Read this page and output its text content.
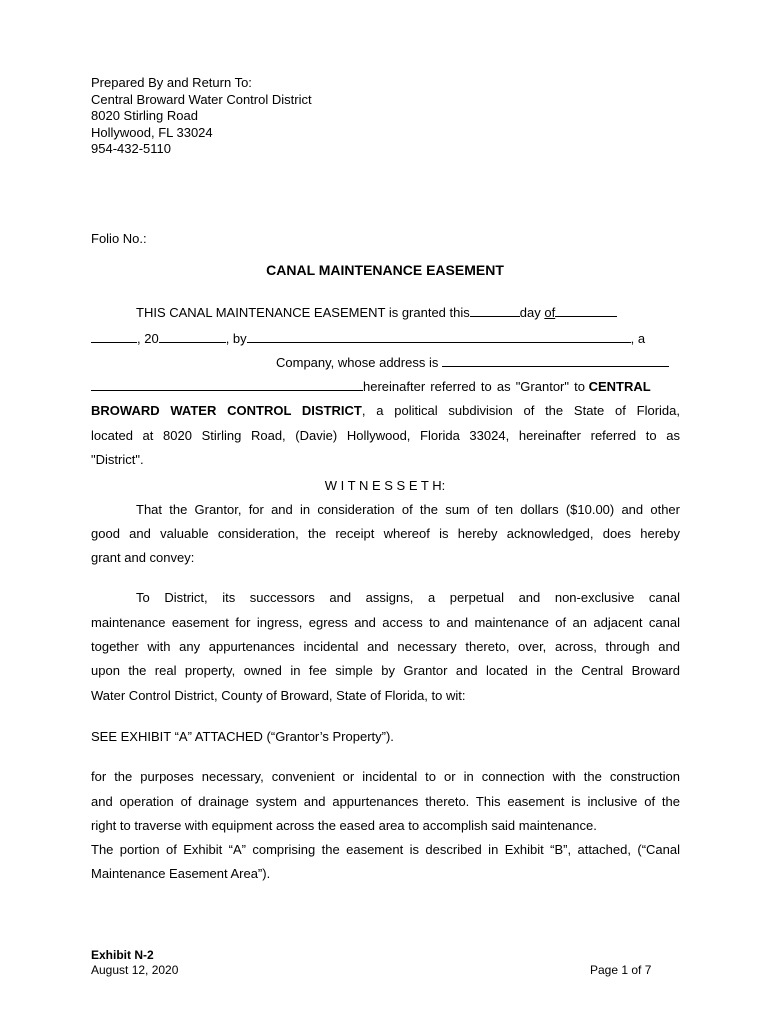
Prepared By and Return To:
Central Broward Water Control District
8020 Stirling Road
Hollywood, FL 33024
954-432-5110
Folio No.:
CANAL MAINTENANCE EASEMENT
THIS CANAL MAINTENANCE EASEMENT is granted this	day of
, 20	, by	, a
Company, whose address is
hereinafter referred to as "Grantor" to CENTRAL
BROWARD WATER CONTROL DISTRICT, a political subdivision of the State of Florida,
located at 8020 Stirling Road, (Davie) Hollywood, Florida 33024, hereinafter referred to as
"District".
W I T N E S S E T H:
That the Grantor, for and in consideration of the sum of ten dollars ($10.00) and other
good and valuable consideration, the receipt whereof is hereby acknowledged, does hereby
grant and convey:
To District, its successors and assigns, a perpetual and non-exclusive canal
maintenance easement for ingress, egress and access to and maintenance of an adjacent canal
together with any appurtenances incidental and necessary thereto, over, across, through and
upon the real property, owned in fee simple by Grantor and located in the Central Broward
Water Control District, County of Broward, State of Florida, to wit:
SEE EXHIBIT “A” ATTACHED (“Grantor’s Property”).
for the purposes necessary, convenient or incidental to or in connection with the construction
and operation of drainage system and appurtenances thereto. This easement is inclusive of the
right to traverse with equipment across the eased area to accomplish said maintenance.
The portion of Exhibit “A” comprising the easement is described in Exhibit “B”, attached, (“Canal
Maintenance Easement Area”).
Exhibit N-2
August 12, 2020	Page 1 of 7
